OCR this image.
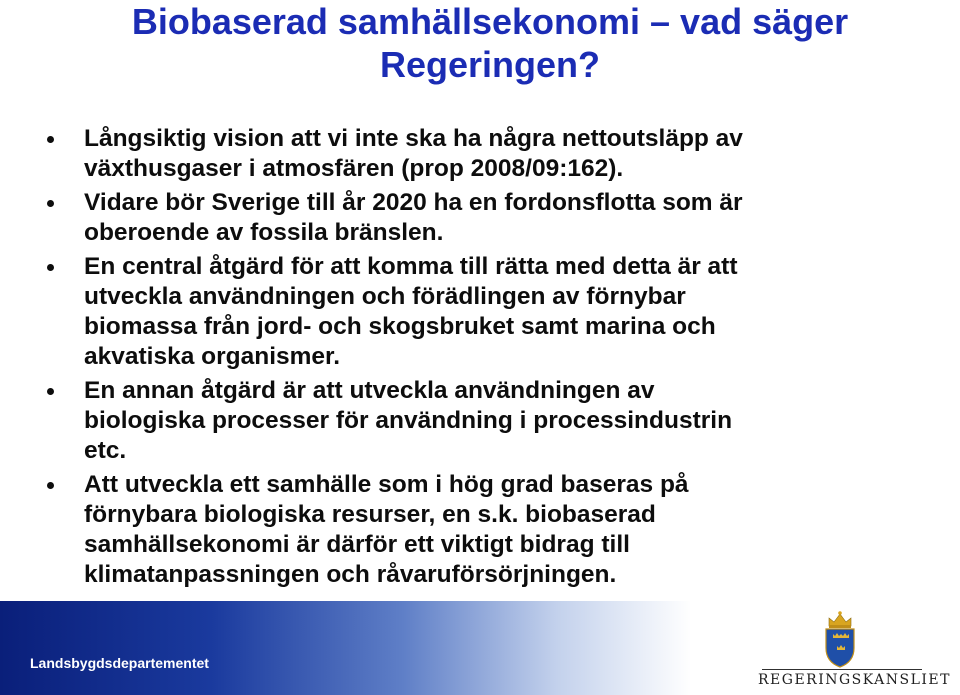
Biobaserad samhällsekonomi – vad säger
Regeringen?
Långsiktig vision att vi inte ska ha några nettoutsläpp av
växthusgaser i atmosfären (prop 2008/09:162).
Vidare bör Sverige till år 2020 ha en fordonsflotta som är
oberoende av fossila bränslen.
En central åtgärd för att komma till rätta med detta är att
utveckla användningen och förädlingen av förnybar
biomassa från jord- och skogsbruket samt marina och
akvatiska organismer.
En annan åtgärd är att utveckla användningen av
biologiska processer för användning i processindustrin
etc.
Att utveckla ett samhälle som i hög grad baseras på
förnybara biologiska resurser, en s.k. biobaserad
samhällsekonomi är därför ett viktigt bidrag till
klimatanpassningen och råvaruförsörjningen.
Landsbygdsdepartementet
REGERINGSKANSLIET
